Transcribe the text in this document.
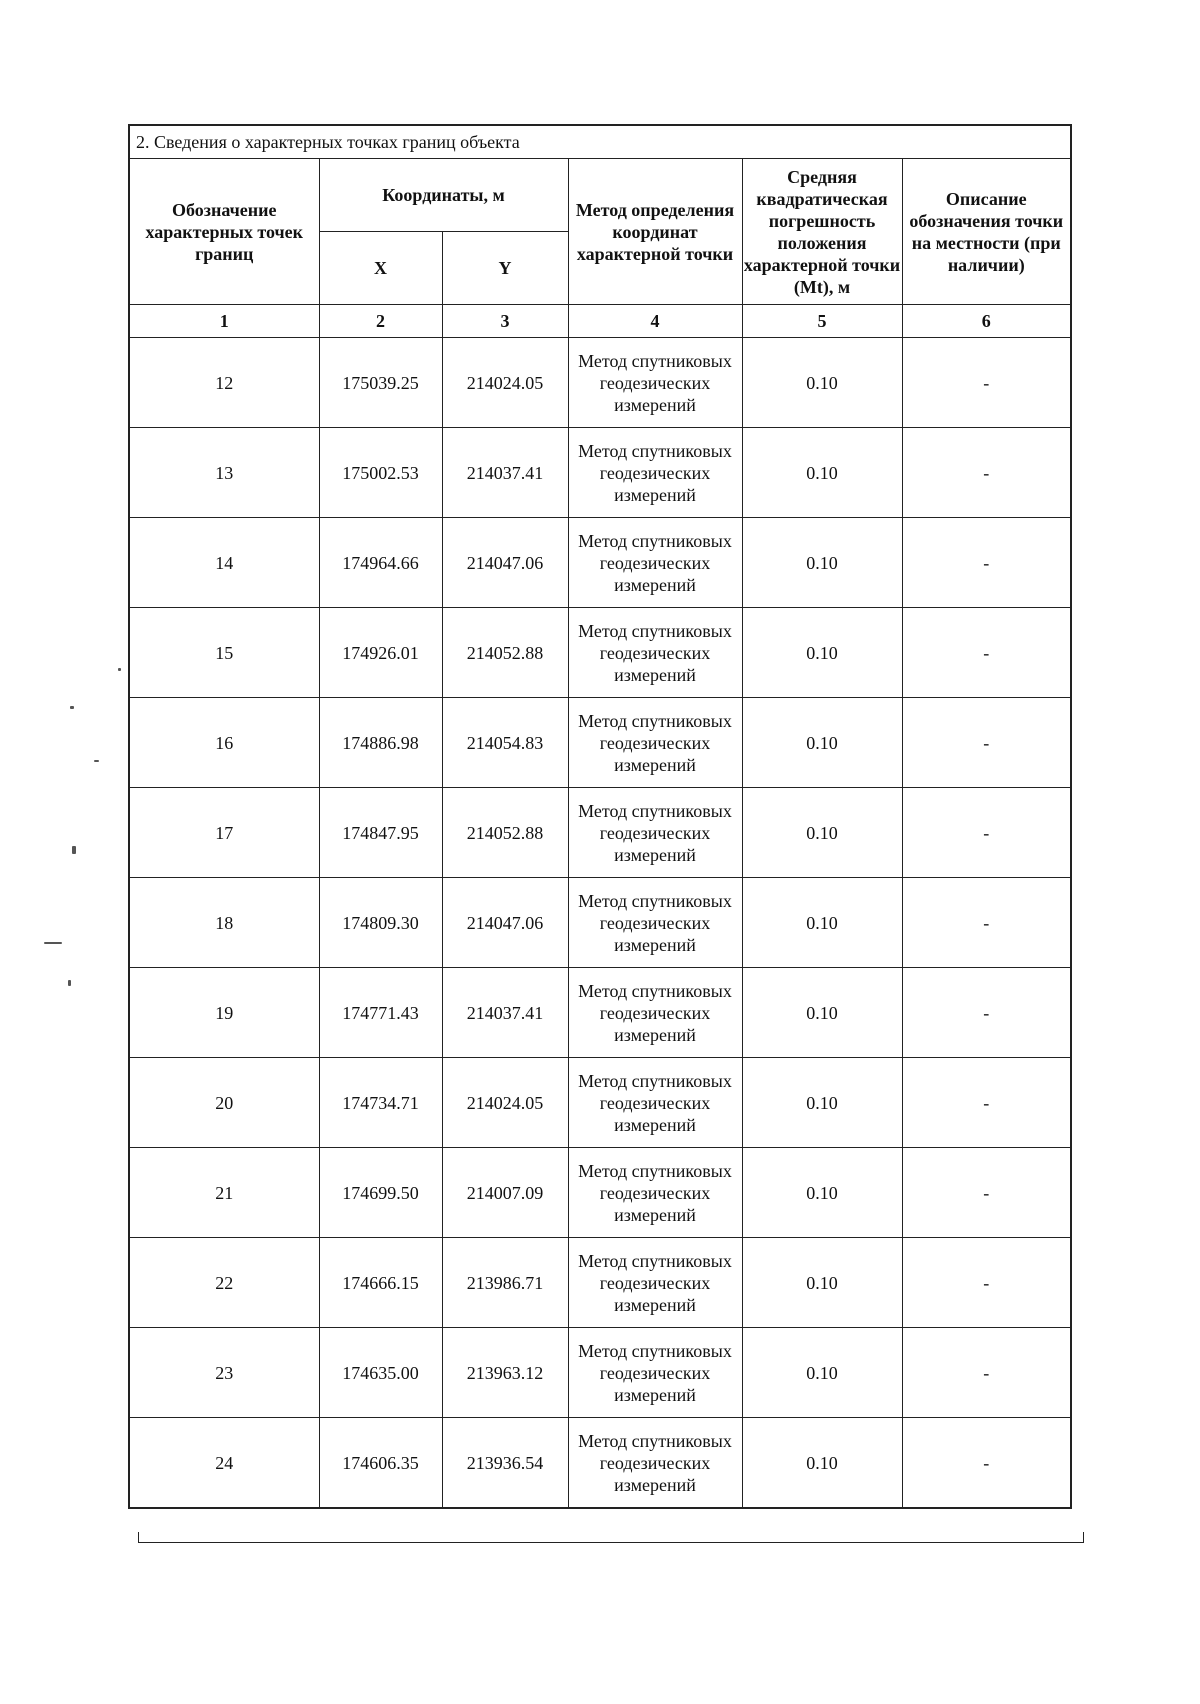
2. Сведения о характерных точках границ объекта					
Обозначение характерных точек границ	Координаты, м		Метод определения координат характерной точки	Средняя квадратическая погрешность положения характерной точки (Mt), м	Описание обозначения точки на местности (при наличии)
	X	Y			
1	2	3	4	5	6
12	175039.25	214024.05	Метод спутниковых геодезических измерений	0.10	-
13	175002.53	214037.41	Метод спутниковых геодезических измерений	0.10	-
14	174964.66	214047.06	Метод спутниковых геодезических измерений	0.10	-
15	174926.01	214052.88	Метод спутниковых геодезических измерений	0.10	-
16	174886.98	214054.83	Метод спутниковых геодезических измерений	0.10	-
17	174847.95	214052.88	Метод спутниковых геодезических измерений	0.10	-
18	174809.30	214047.06	Метод спутниковых геодезических измерений	0.10	-
19	174771.43	214037.41	Метод спутниковых геодезических измерений	0.10	-
20	174734.71	214024.05	Метод спутниковых геодезических измерений	0.10	-
21	174699.50	214007.09	Метод спутниковых геодезических измерений	0.10	-
22	174666.15	213986.71	Метод спутниковых геодезических измерений	0.10	-
23	174635.00	213963.12	Метод спутниковых геодезических измерений	0.10	-
24	174606.35	213936.54	Метод спутниковых геодезических измерений	0.10	-
